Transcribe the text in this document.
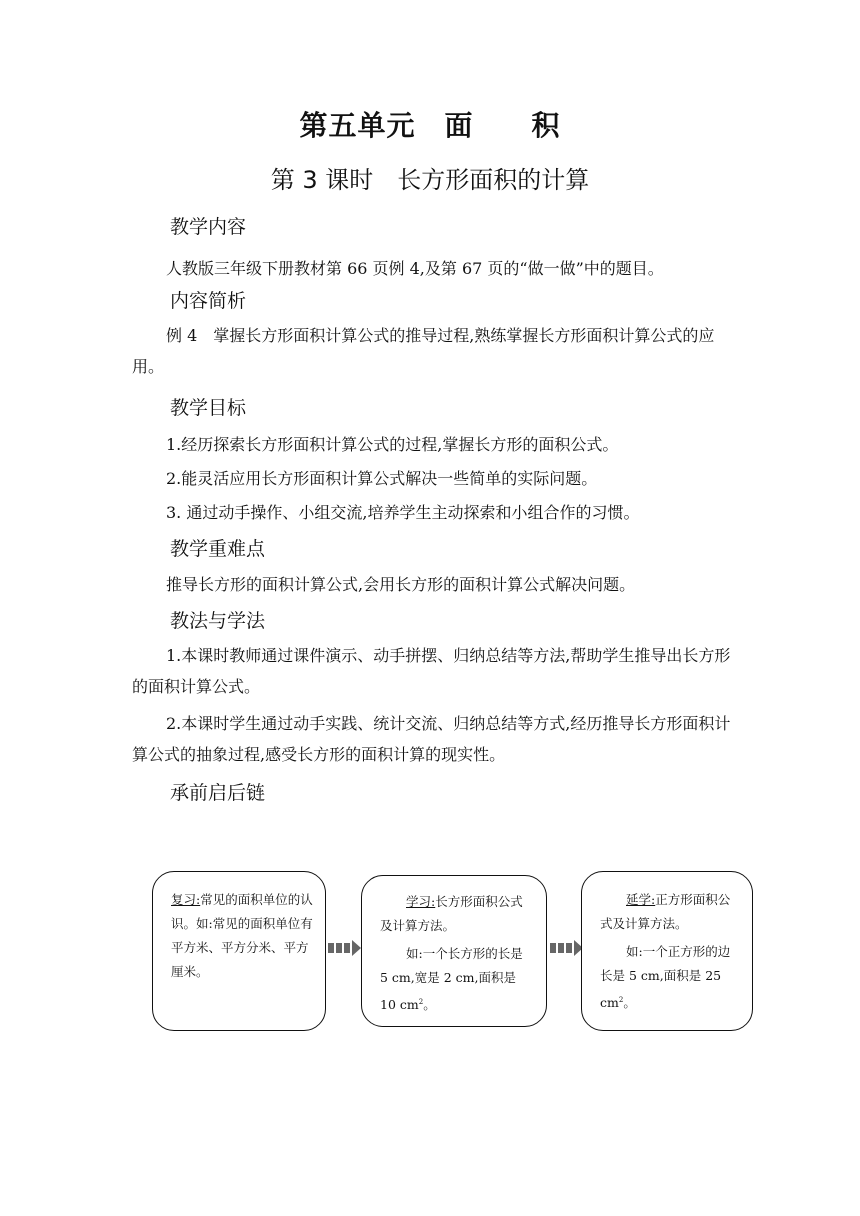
第五单元　面　　积
第 3 课时　长方形面积的计算
教学内容
人教版三年级下册教材第 66 页例 4,及第 67 页的“做一做”中的题目。
内容简析
例 4　掌握长方形面积计算公式的推导过程,熟练掌握长方形面积计算公式的应用。
教学目标
1.经历探索长方形面积计算公式的过程,掌握长方形的面积公式。
2.能灵活应用长方形面积计算公式解决一些简单的实际问题。
3. 通过动手操作、小组交流,培养学生主动探索和小组合作的习惯。
教学重难点
推导长方形的面积计算公式,会用长方形的面积计算公式解决问题。
教法与学法
1.本课时教师通过课件演示、动手拼摆、归纳总结等方法,帮助学生推导出长方形的面积计算公式。
2.本课时学生通过动手实践、统计交流、归纳总结等方式,经历推导长方形面积计算公式的抽象过程,感受长方形的面积计算的现实性。
承前启后链
复习:常见的面积单位的认识。如:常见的面积单位有平方米、平方分米、平方厘米。
学习:长方形面积公式及计算方法。
如:一个长方形的长是 5 cm,宽是 2 cm,面积是 10 $cm^2$。
延学:正方形面积公式及计算方法。
如:一个正方形的边长是 5 cm,面积是 25 $cm^2$。
